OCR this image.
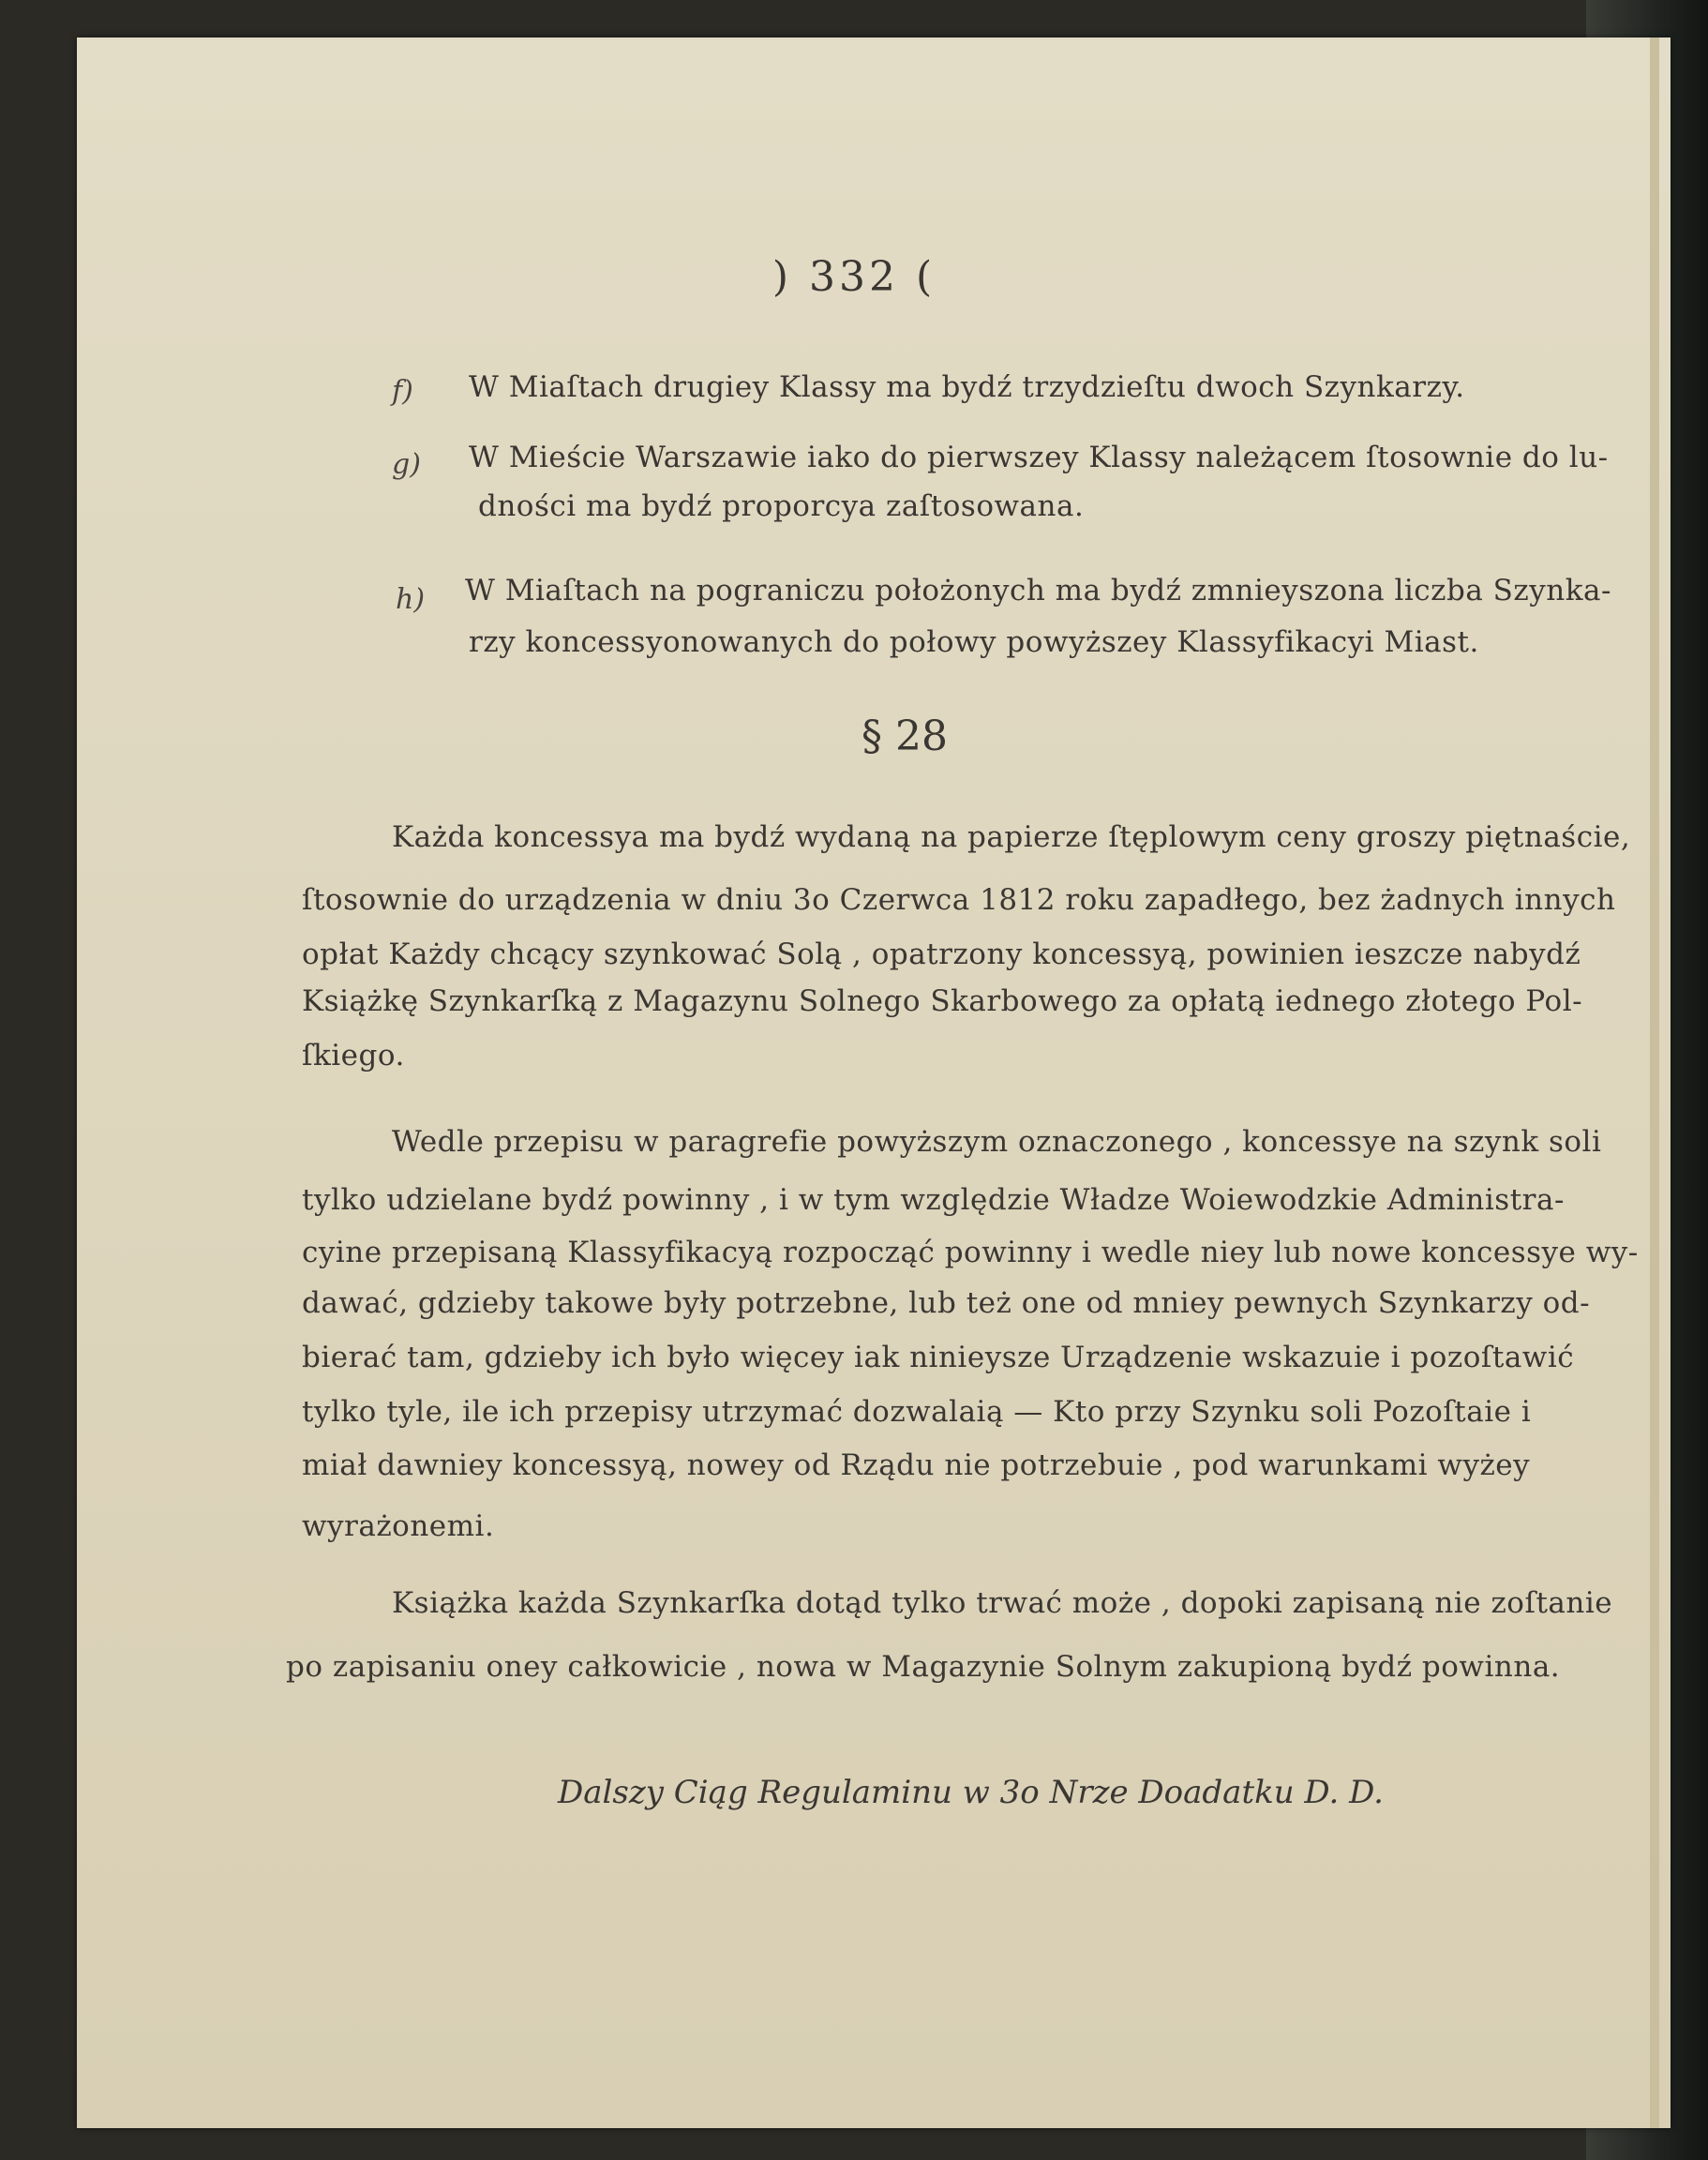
) 332 (
f) W Miaſtach drugiey Klassy ma bydź trzydzieſtu dwoch Szynkarzy.
g) W Mieście Warszawie iako do pierwszey Klassy należącem ſtosownie do lu-
dności ma bydź proporcya zaſtosowana.
h) W Miaſtach na pograniczu położonych ma bydź zmnieyszona liczba Szynka-
rzy koncessyonowanych do połowy powyższey Klassyfikacyi Miast.
§ 28
Każda koncessya ma bydź wydaną na papierze ſtęplowym ceny groszy piętnaście,
ſtosownie do urządzenia w dniu 3o Czerwca 1812 roku zapadłego, bez żadnych innych
opłat Każdy chcący szynkować Solą , opatrzony koncessyą, powinien ieszcze nabydź
Książkę Szynkarſką z Magazynu Solnego Skarbowego za opłatą iednego złotego Pol-
ſkiego.
Wedle przepisu w paragrefie powyższym oznaczonego , koncessye na szynk soli
tylko udzielane bydź powinny , i w tym względzie Władze Woiewodzkie Administra-
cyine przepisaną Klassyfikacyą rozpocząć powinny i wedle niey lub nowe koncessye wy-
dawać, gdzieby takowe były potrzebne, lub też one od mniey pewnych Szynkarzy od-
bierać tam, gdzieby ich było więcey iak ninieysze Urządzenie wskazuie i pozoſtawić
tylko tyle, ile ich przepisy utrzymać dozwalaią — Kto przy Szynku soli Pozoſtaie i
miał dawniey koncessyą, nowey od Rządu nie potrzebuie , pod warunkami wyżey
wyrażonemi.
Książka każda Szynkarſka dotąd tylko trwać może , dopoki zapisaną nie zoſtanie
po zapisaniu oney całkowicie , nowa w Magazynie Solnym zakupioną bydź powinna.
Dalszy Ciąg Regulaminu w 3o Nrze Doadatku D. D.
